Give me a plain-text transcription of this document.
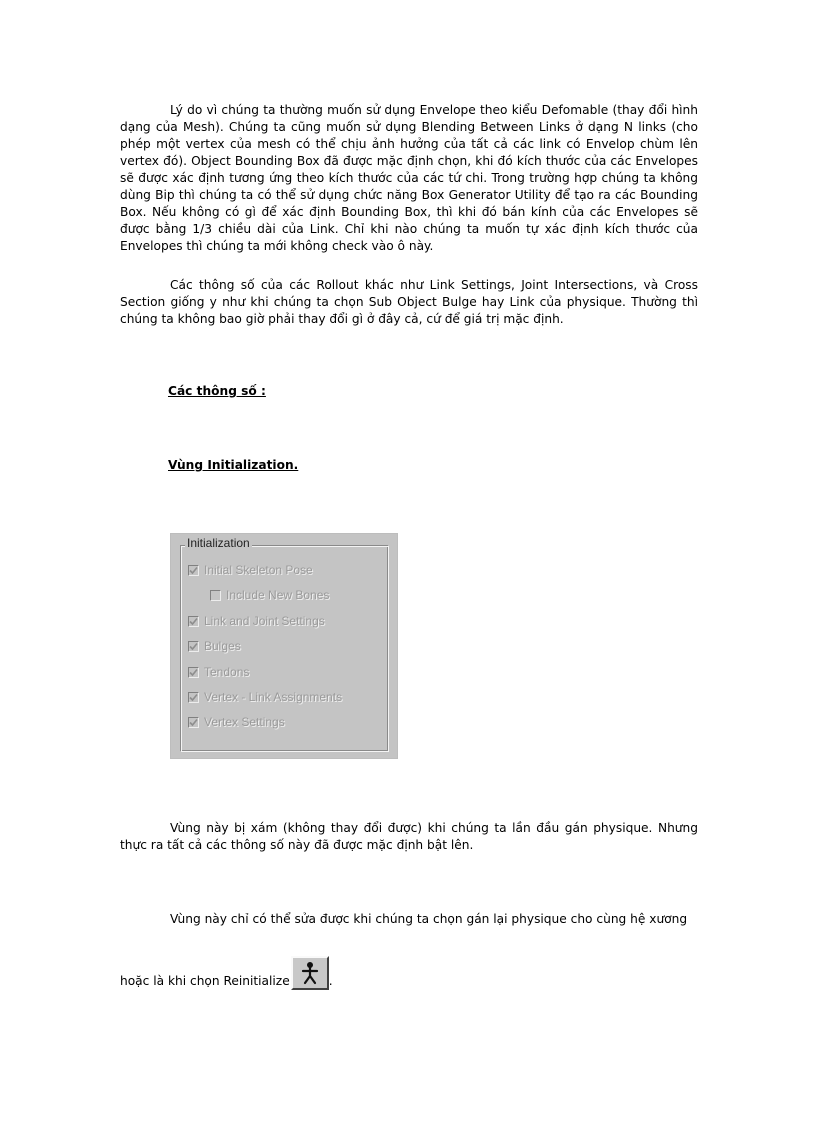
Lý do vì chúng ta thường muốn sử dụng Envelope theo kiểu Defomable (thay đổi hình dạng của Mesh). Chúng ta cũng muốn sử dụng Blending Between Links ở dạng N links (cho phép một vertex của mesh có thể chịu ảnh hưởng của tất cả các link có Envelop chùm lên vertex đó). Object Bounding Box đã được mặc định chọn, khi đó kích thước của các Envelopes sẽ được xác định tương ứng theo kích thước của các tứ chi. Trong trường hợp chúng ta không dùng Bip thì chúng ta có thể sử dụng chức năng Box Generator Utility để tạo ra các Bounding Box. Nếu không có gì để xác định Bounding Box, thì khi đó bán kính của các Envelopes sẽ được bằng 1/3 chiều dài của Link. Chỉ khi nào chúng ta muốn tự xác định kích thước của Envelopes thì chúng ta mới không check vào ô này.

Các thông số của các Rollout khác như Link Settings, Joint Intersections, và Cross Section giống y như khi chúng ta chọn Sub Object Bulge hay Link của physique. Thường thì chúng ta không bao giờ phải thay đổi gì ở đây cả, cứ để giá trị mặc định.

Các thông số :

Vùng Initialization.

Initialization
Initial Skeleton Pose
Include New Bones
Link and Joint Settings
Bulges
Tendons
Vertex - Link Assignments
Vertex Settings

Vùng này bị xám (không thay đổi được) khi chúng ta lần đầu gán physique. Nhưng thực ra tất cả các thông số này đã được mặc định bật lên.

Vùng này chỉ có thể sửa được khi chúng ta chọn gán lại physique cho cùng hệ xương

hoặc là khi chọn Reinitialize	.
